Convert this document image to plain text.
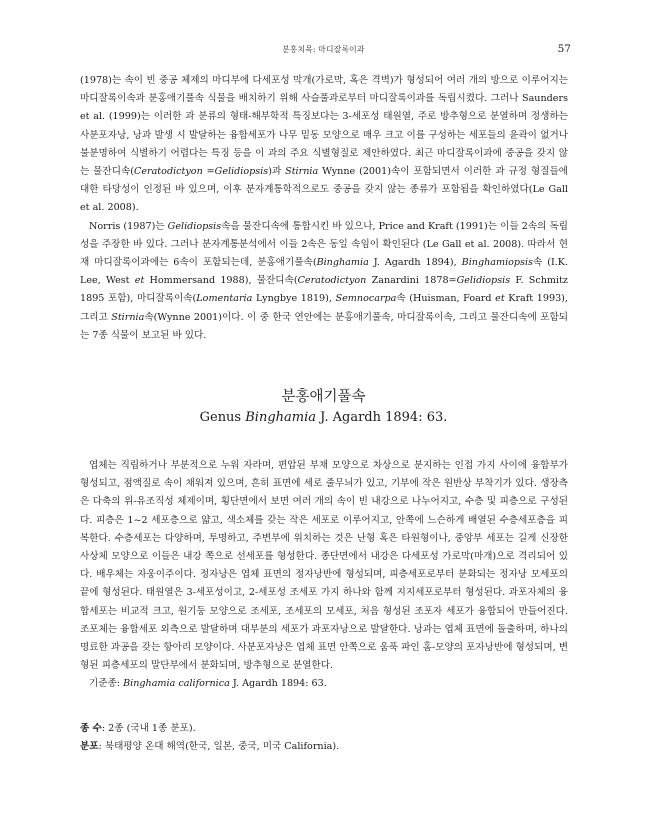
분홍치목: 마디잘록이과	57

(1978)는 속이 빈 중공 체제의 마디부에 다세포성 막개(가로막, 혹은 격벽)가 형성되어 여러 개의 방으로 이루어지는 마디잘록이속과 분홍애기풀속 식물을 배치하기 위해 사슬풀과로부터 마디잘록이과를 독립시켰다. 그러나 Saunders et al. (1999)는 이러한 과 분류의 형태-해부학적 특징보다는 3-세포성 태원열, 주로 방추형으로 분열하며 정생하는 사분포자낭, 낭과 발생 시 발달하는 융합세포가 나무 밑동 모양으로 매우 크고 이를 구성하는 세포들의 윤곽이 없거나 불분명하여 식별하기 어렵다는 특징 등을 이 과의 주요 식별형질로 제안하였다. 최근 마디잘록이과에 중공을 갖지 않는 물잔디속(Ceratodictyon =Gelidiopsis)과 Stirnia Wynne (2001)속이 포함되면서 이러한 과 규정 형질들에 대한 타당성이 인정된 바 있으며, 이후 분자계통학적으로도 중공을 갖지 않는 종류가 포함됨을 확인하였다(Le Gall et al. 2008).

Norris (1987)는 Gelidiopsis속을 물잔디속에 통합시킨 바 있으나, Price and Kraft (1991)는 이들 2속의 독립성을 주장한 바 있다. 그러나 분자계통분석에서 이들 2속은 동일 속임이 확인된다 (Le Gall et al. 2008). 따라서 현재 마디잘록이과에는 6속이 포함되는데, 분홍애기풀속(Binghamia J. Agardh 1894), Binghamiopsis속 (I.K. Lee, West et Hommersand 1988), 물잔디속(Ceratodictyon Zanardini 1878=Gelidiopsis F. Schmitz 1895 포함), 마디잘록이속(Lomentaria Lyngbye 1819), Semnocarpa속 (Huisman, Foard et Kraft 1993), 그리고 Stirnia속(Wynne 2001)이다. 이 중 한국 연안에는 분홍애기풀속, 마디잘록이속, 그리고 물잔디속에 포함되는 7종 식물이 보고된 바 있다.

분홍애기풀속
Genus Binghamia J. Agardh 1894: 63.

엽체는 직립하거나 부분적으로 누워 자라며, 편압된 부채 모양으로 차상으로 분지하는 인접 가지 사이에 융합부가 형성되고, 점액질로 속이 채워져 있으며, 흔히 표면에 세로 줄무늬가 있고, 기부에 작은 원반상 부착기가 있다. 생장측은 다축의 위-유조직성 체제이며, 횡단면에서 보면 여러 개의 속이 빈 내강으로 나누어지고, 수층 및 피층으로 구성된다. 피층은 1~2 세포층으로 얇고, 색소체를 갖는 작은 세포로 이루어지고, 안쪽에 느슨하게 배열된 수층세포층을 피복한다. 수층세포는 다양하며, 투명하고, 주변부에 위치하는 것은 난형 혹은 타원형이나, 중앙부 세포는 길게 신장한 사상체 모양으로 이들은 내강 쪽으로 선세포를 형성한다. 종단면에서 내강은 다세포성 가로막(마개)으로 격리되어 있다. 배우체는 자웅이주이다. 정자낭은 엽체 표면의 정자낭반에 형성되며, 피층세포로부터 분화되는 정자낭 모세포의 끝에 형성된다. 태원열은 3-세포성이고, 2-세포성 조세포 가지 하나와 함께 지지세포로부터 형성된다. 과포자체의 융합세포는 비교적 크고, 원기둥 모양으로 조세포, 조세포의 모세포, 처음 형성된 조포자 세포가 융합되어 만들어진다. 조포체는 융합세포 외측으로 발달하며 대부분의 세포가 과포자낭으로 발달한다. 낭과는 엽체 표면에 돌출하며, 하나의 명료한 과공을 갖는 항아리 모양이다. 사분포자낭은 엽체 표면 안쪽으로 움푹 파인 홈-모양의 포자낭반에 형성되며, 변형된 피층세포의 말단부에서 분화되며, 방추형으로 분열한다.

기준종: Binghamia californica J. Agardh 1894: 63.

종 수: 2종 (국내 1종 분포).

분포: 북태평양 온대 해역(한국, 일본, 중국, 미국 California).
